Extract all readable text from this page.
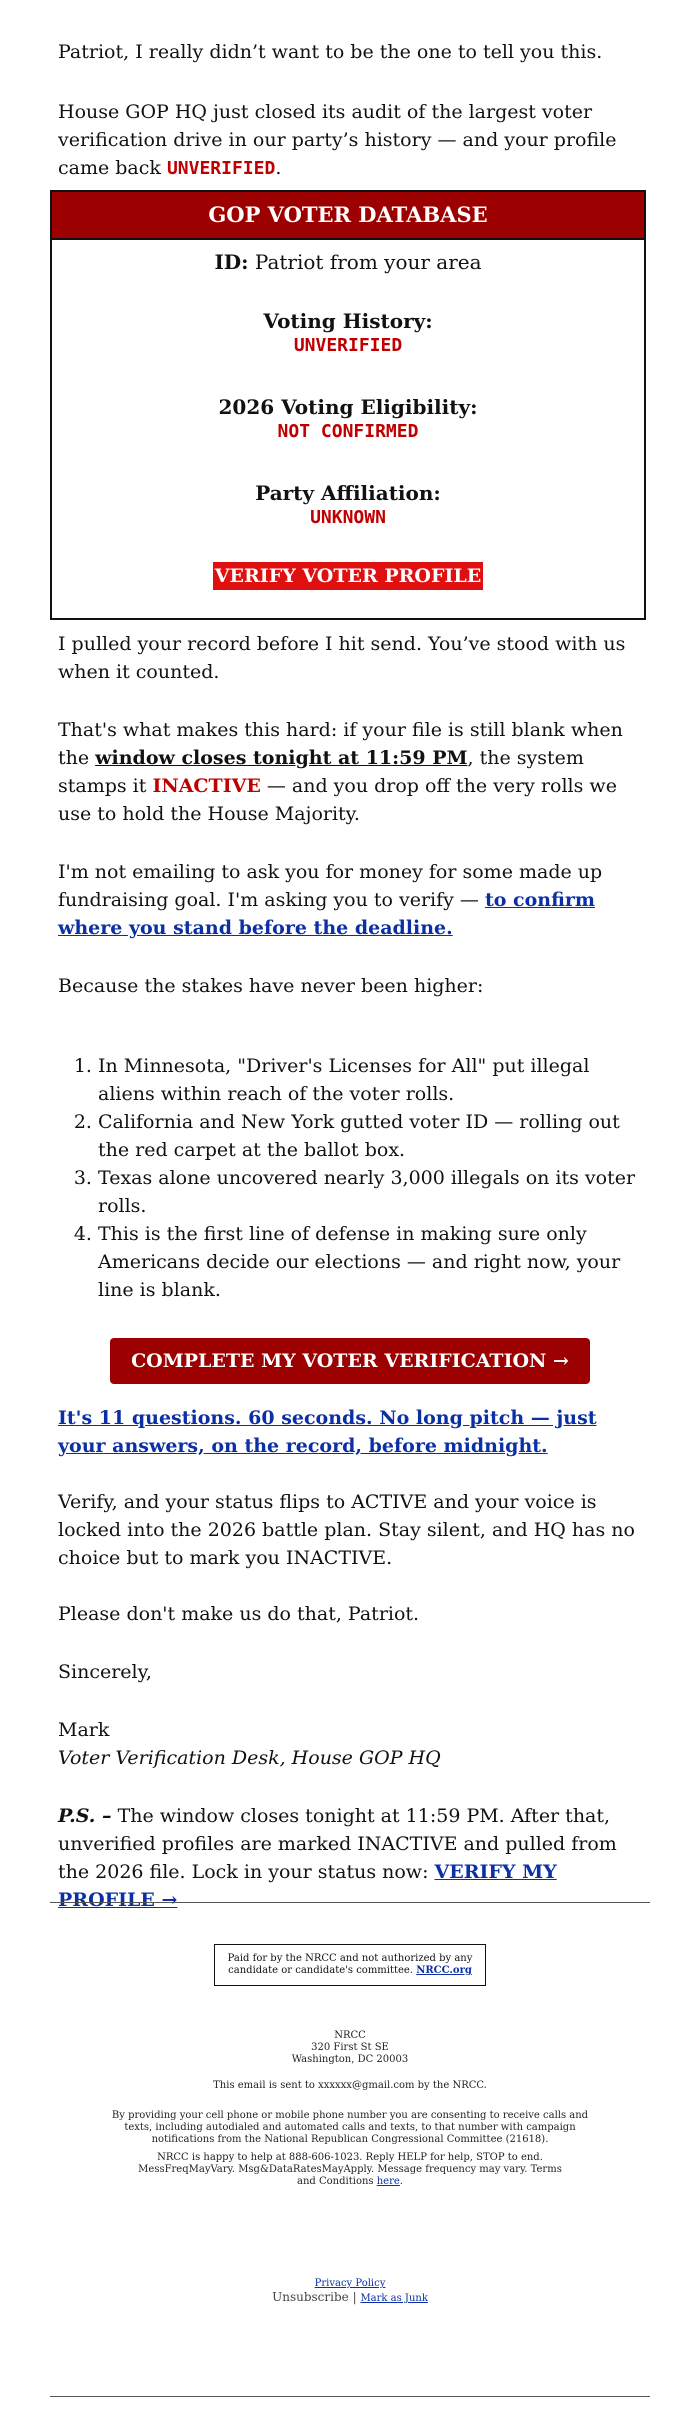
Patriot, I really didn’t want to be the one to tell you this.

House GOP HQ just closed its audit of the largest voter verification drive in our party’s history — and your profile came back UNVERIFIED.

GOP VOTER DATABASE
ID: Patriot from your area
Voting History:
UNVERIFIED
2026 Voting Eligibility:
NOT CONFIRMED
Party Affiliation:
UNKNOWN
VERIFY VOTER PROFILE

I pulled your record before I hit send. You’ve stood with us when it counted.

That's what makes this hard: if your file is still blank when the window closes tonight at 11:59 PM, the system stamps it INACTIVE — and you drop off the very rolls we use to hold the House Majority.

I'm not emailing to ask you for money for some made up fundraising goal. I'm asking you to verify — to confirm where you stand before the deadline.

Because the stakes have never been higher:

1. In Minnesota, "Driver's Licenses for All" put illegal aliens within reach of the voter rolls.
2. California and New York gutted voter ID — rolling out the red carpet at the ballot box.
3. Texas alone uncovered nearly 3,000 illegals on its voter rolls.
4. This is the first line of defense in making sure only Americans decide our elections — and right now, your line is blank.
COMPLETE MY VOTER VERIFICATION →

It's 11 questions. 60 seconds. No long pitch — just your answers, on the record, before midnight.

Verify, and your status flips to ACTIVE and your voice is locked into the 2026 battle plan. Stay silent, and HQ has no choice but to mark you INACTIVE.

Please don't make us do that, Patriot.

Sincerely,

Mark

Voter Verification Desk, House GOP HQ

P.S. – The window closes tonight at 11:59 PM. After that, unverified profiles are marked INACTIVE and pulled from the 2026 file. Lock in your status now: VERIFY MY PROFILE →

Paid for by the NRCC and not authorized by any candidate or candidate's committee. NRCC.org
NRCC
320 First St SE
Washington, DC 20003
This email is sent to xxxxxx@gmail.com by the NRCC.
By providing your cell phone or mobile phone number you are consenting to receive calls and texts, including autodialed and automated calls and texts, to that number with campaign notifications from the National Republican Congressional Committee (21618).
NRCC is happy to help at 888-606-1023. Reply HELP for help, STOP to end. MessFreqMayVary. Msg&DataRatesMayApply. Message frequency may vary. Terms and Conditions here.
Privacy Policy
Unsubscribe | Mark as Junk
